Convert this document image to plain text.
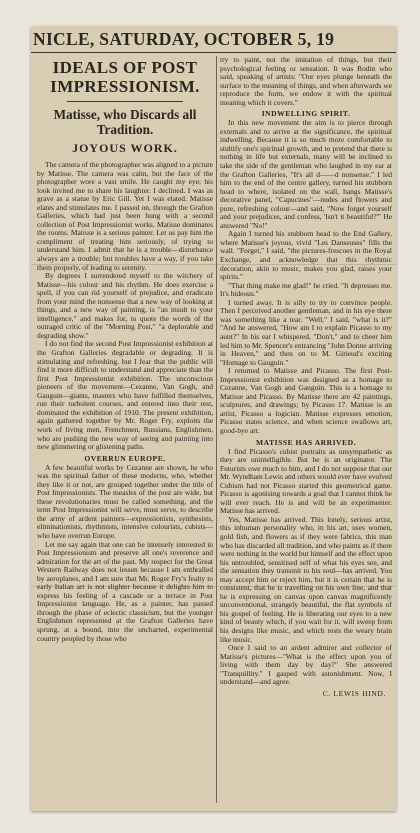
NICLE, SATURDAY, OCTOBER 5, 19
IDEALS OF POST IMPRESSIONISM.
Matisse, who Discards all Tradition.
JOYOUS WORK.

The camera of the photographer was aligned to a picture by Matisse. The camera was calm, but the face of the photographer wore a vast smile. He caught my eye; his look invited me to share his laughter. I declined. I was as grave as a statue by Eric Gill. Yet I was elated. Matisse elates and stimulates me. I passed on, through the Grafton Galleries, which had just been hung with a second collection of Post Impressionist works. Matisse dominates the rooms. Matisse is a serious painter. Let us pay him the compliment of treating him seriously, of trying to understand him. I admit that he is a trouble—disturbance always are a trouble; but troubles have a way, if you take them properly, of leading to serenity.

By degrees I surrendered myself to the witchery of Matisse—his colour and his rhythm. He does exercise a spell, if you can rid yourself of prejudice, and eradicate from your mind the nonsense that a new way of looking at things, and a new way of painting, is "an insult to your intelligence," and makes for, to quote the words of the outraged critic of the "Morning Post," "a deplorable and degrading show."

I do not find the second Post Impressionist exhibition at the Grafton Galleries degradable or degrading. It is stimulating and refreshing, but I fear that the public will find it more difficult to understand and appreciate than the first Post Impressionist exhibition. The unconscious pioneers of the movement—Cezanne, Van Gogh, and Gauguin—giants, masters who have fulfilled themselves, run their turbulent courses, and entered into their rest, dominated the exhibition of 1910. The present exhibition, again gathered together by Mr. Roger Fry, exploits the work of living men, Frenchmen, Russians, Englishmen, who are pushing the new way of seeing and painting into new glimmering or glistening paths.

OVERRUN EUROPE.

A few beautiful works by Cezanne are shown, he who was the spiritual father of these moderns, who, whether they like it or not, are grouped together under the title of Post Impressionists. The measles of the post are wide, but these revolutionaries must be called something, and the term Post Impressionist will serve, must serve, to describe the army of ardent painters—expressionists, synthesists, eliminationists, rhythmists, intensive colourists, cubists—who have overrun Europe.

Let me say again that one can be intensely interested in Post Impressionism and preserve all one's reverence and admiration for the art of the past. My respect for the Great Western Railway does not lessen because I am enthralled by aeroplanes, and I am sure that Mr. Roger Fry's fealty to early Italian art is not slighter because it delights him to express his feeling of a cascade or a terrace in Post Impressionist language. He, as a painter, has passed through the phase of eclectic classicism, but the younger Englishmen represented at the Grafton Galleries have sprung, at a bound, into the uncharted, experimental country peopled by those who

try to paint, not the imitation of things, but their psychological feeling or sensation. It was Rodin who said, speaking of artists: "Our eyes plunge beneath the surface to the meaning of things, and when afterwards we reproduce the form, we endow it with the spiritual meaning which it covers."

INDWELLING SPIRIT.

In this new movement the aim is to pierce through externals and to arrive at the significance, the spiritual indwelling. Because it is so much more comfortable to stultify one's spiritual growth, and to pretend that there is nothing in life but externals, many will be inclined to take the side of the gentleman who laughed in my ear at the Grafton Galleries, "It's all d——d nonsense." I led him to the end of the centre gallery, turned his stubborn head to where, isolated on the wall, hangs Matisse's decorative panel, "Capucines"—nudes and flowers and pure, refreshing colour—and said, "Now forget yourself and your prejudices, and confess, 'Isn't it beautiful?'" He answered "No!"

Again I turned his stubborn head to the End Gallery, where Matisse's joyous, vivid "Les Danseuses" fills the wall. "Forget," I said, "the pictures-frescoes in the Royal Exchange, and acknowledge that this rhythmic decoration, akin to music, makes you glad, raises your spirits."

"That thing make me glad!" he cried. "It depresses me. It's hideous."

I turned away. It is silly to try to convince people. Then I perceived another gentleman, and in his eye there was something like a tear. "Well," I said, "what is it?" "And he answered, "How am I to explain Picasso to my aunt?" In his ear I whispered, "Don't," and to cheer him led him to Mr. Spencer's entrancing "John Donne arriving in Heaven," and then on to M. Girieud's exciting "Homage to Gauguin."

I returned to Matisse and Picasso. The first Post-Impressionist exhibition was designed as a homage to Cezanne, Van Gogh and Gauguin. This is a homage to Matisse and Picasso. By Matisse there are 42 paintings, sculptures, and drawings; by Picasso 17. Matisse is an artist, Picasso a logician. Matisse expresses emotion, Picasso states science, and when science swallows art, good-bye art.

MATISSE HAS ARRIVED.

I find Picasso's cubist portraits as unsympathetic as they are unintelligible. But he is an originator. The Futurists owe much to him, and I do not suppose that our Mr. Wyndham Lewis and others would ever have evolved Cubism had not Picasso started this geometrical game. Picasso is agonising towards a goal that I cannot think he will ever reach. He is and will be an experimenter. Matisse has arrived.

Yes, Matisse has arrived. This lonely, serious artist, this inhuman personality who, in his art, uses women, gold fish, and flowers as if they were fabrics, this man who has discarded all tradition, and who paints as if there were nothing in the world but himself and the effect upon his untroubled, sensitised self of what his eyes see, and the sensation they transmit to his soul—has arrived. You may accept him or reject him, but it is certain that he is consistent, that he is travelling on his own line, and that he is expressing on canvas upon canvas magnificently unconventional, strangely beautiful, the flat symbols of his gospel of feeling. He is liberating our eyes to a new kind of beauty which, if you wait for it, will sweep from his designs like music, and which rests the weary brain like music.

Once I said to an ardent admirer and collector of Matisse's pictures—"What is the effect upon you of living with them day by day?" She answered "Tranquillity." I gasped with astonishment. Now, I understand—and agree.

C. LEWIS HIND.
